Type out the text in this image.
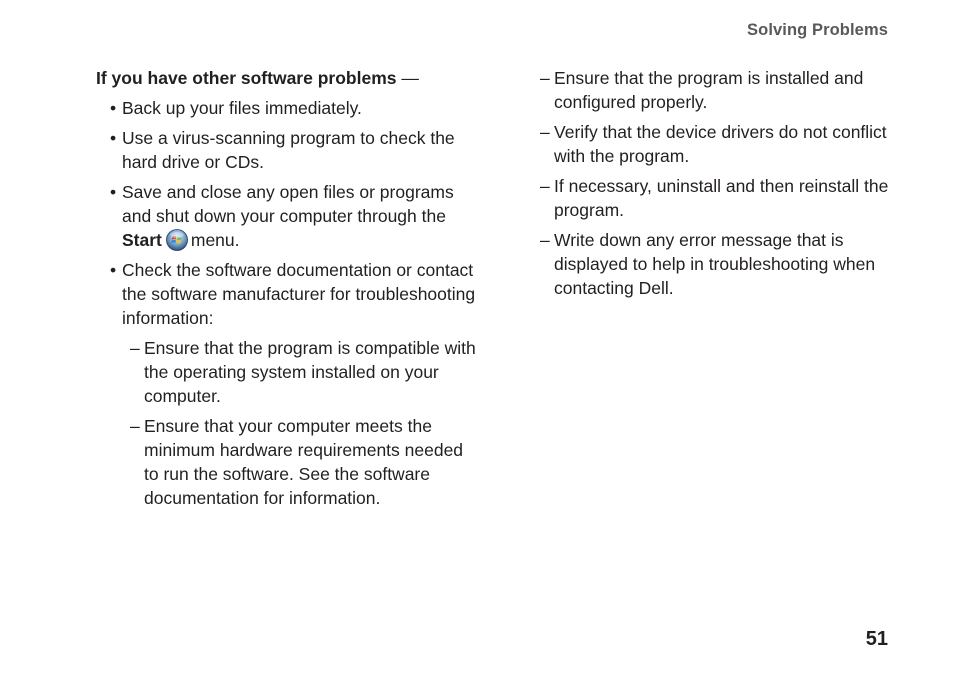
Solving Problems
If you have other software problems —
• Back up your files immediately.
• Use a virus-scanning program to check the hard drive or CDs.
• Save and close any open files or programs and shut down your computer through the Start menu.
• Check the software documentation or contact the software manufacturer for troubleshooting information:
– Ensure that the program is compatible with the operating system installed on your computer.
– Ensure that your computer meets the minimum hardware requirements needed to run the software. See the software documentation for information.
– Ensure that the program is installed and configured properly.
– Verify that the device drivers do not conflict with the program.
– If necessary, uninstall and then reinstall the program.
– Write down any error message that is displayed to help in troubleshooting when contacting Dell.
51
